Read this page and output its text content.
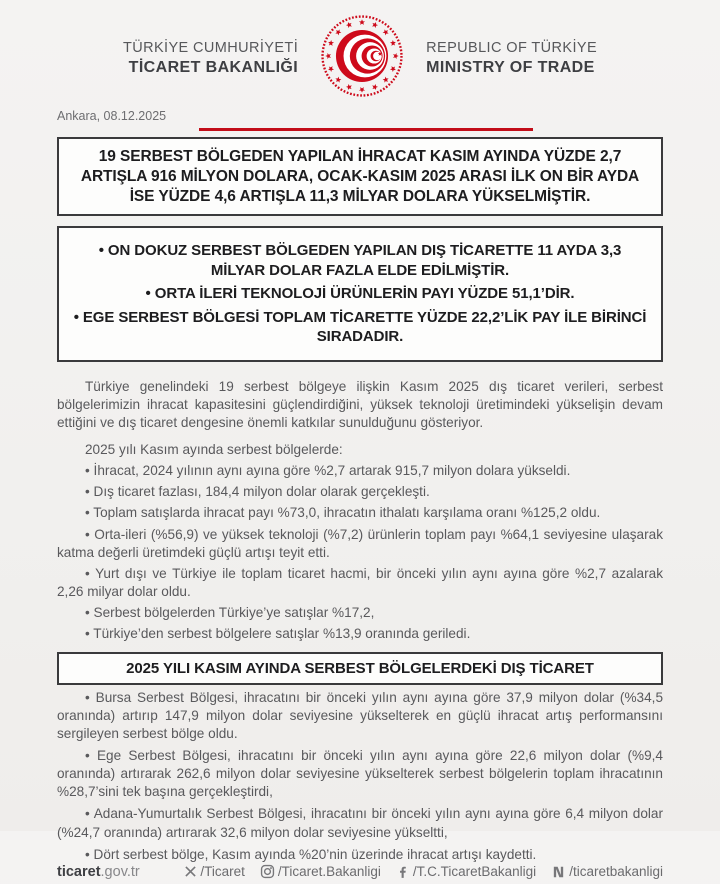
TÜRKİYE CUMHURİYETİ
TİCARET BAKANLIĞI
REPUBLIC OF TÜRKİYE
MINISTRY OF TRADE
Ankara, 08.12.2025
19 SERBEST BÖLGEDEN YAPILAN İHRACAT KASIM AYINDA YÜZDE 2,7 ARTIŞLA 916 MİLYON DOLARA, OCAK-KASIM 2025 ARASI İLK ON BİR AYDA İSE YÜZDE 4,6 ARTIŞLA 11,3 MİLYAR DOLARA YÜKSELMİŞTİR.

• ON DOKUZ SERBEST BÖLGEDEN YAPILAN DIŞ TİCARETTE 11 AYDA 3,3 MİLYAR DOLAR FAZLA ELDE EDİLMİŞTİR.

• ORTA İLERİ TEKNOLOJİ ÜRÜNLERİN PAYI YÜZDE 51,1’DİR.

• EGE SERBEST BÖLGESİ TOPLAM TİCARETTE YÜZDE 22,2’LİK PAY İLE BİRİNCİ SIRADADIR.

Türkiye genelindeki 19 serbest bölgeye ilişkin Kasım 2025 dış ticaret verileri, serbest bölgelerimizin ihracat kapasitesini güçlendirdiğini, yüksek teknoloji üretimindeki yükselişin devam ettiğini ve dış ticaret dengesine önemli katkılar sunulduğunu gösteriyor.

2025 yılı Kasım ayında serbest bölgelerde:

• İhracat, 2024 yılının aynı ayına göre %2,7 artarak 915,7 milyon dolara yükseldi.

• Dış ticaret fazlası, 184,4 milyon dolar olarak gerçekleşti.

• Toplam satışlarda ihracat payı %73,0, ihracatın ithalatı karşılama oranı %125,2 oldu.

• Orta-ileri (%56,9) ve yüksek teknoloji (%7,2) ürünlerin toplam payı %64,1 seviyesine ulaşarak katma değerli üretimdeki güçlü artışı teyit etti.

• Yurt dışı ve Türkiye ile toplam ticaret hacmi, bir önceki yılın aynı ayına göre %2,7 azalarak 2,26 milyar dolar oldu.

• Serbest bölgelerden Türkiye’ye satışlar %17,2,

• Türkiye’den serbest bölgelere satışlar %13,9 oranında geriledi.

2025 YILI KASIM AYINDA SERBEST BÖLGELERDEKİ DIŞ TİCARET

• Bursa Serbest Bölgesi, ihracatını bir önceki yılın aynı ayına göre 37,9 milyon dolar (%34,5 oranında) artırıp 147,9 milyon dolar seviyesine yükselterek en güçlü ihracat artış performansını sergileyen serbest bölge oldu.

• Ege Serbest Bölgesi, ihracatını bir önceki yılın aynı ayına göre 22,6 milyon dolar (%9,4 oranında) artırarak 262,6 milyon dolar seviyesine yükselterek serbest bölgelerin toplam ihracatının %28,7’sini tek başına gerçekleştirdi,

• Adana-Yumurtalık Serbest Bölgesi, ihracatını bir önceki yılın aynı ayına göre 6,4 milyon dolar (%24,7 oranında) artırarak 32,6 milyon dolar seviyesine yükseltti,

• Dört serbest bölge, Kasım ayında %20’nin üzerinde ihracat artışı kaydetti.

ticaret.gov.tr	/Ticaret /Ticaret.Bakanligi /T.C.TicaretBakanligi /ticaretbakanligi
